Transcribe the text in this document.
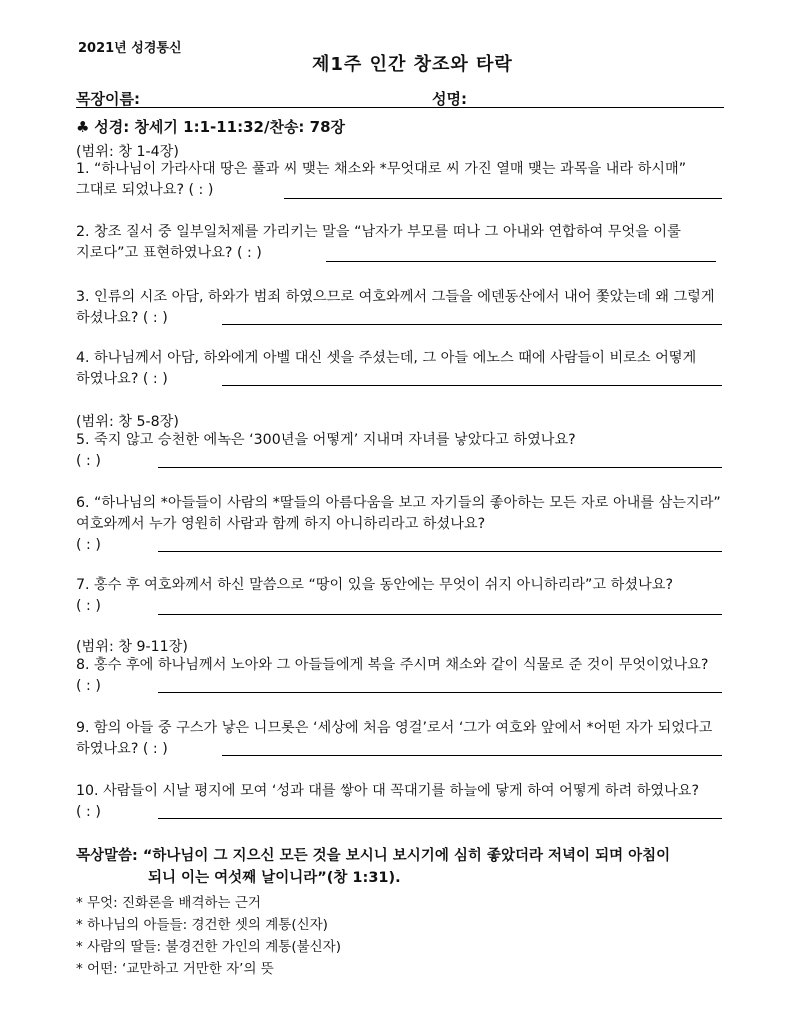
2021년 성경통신
제1주 인간 창조와 타락
목장이름:	성명:
♣ 성경: 창세기 1:1-11:32/찬송: 78장
(범위: 창 1-4장)
1. “하나님이 가라사대 땅은 풀과 씨 맺는 채소와 *무엇대로 씨 가진 열매 맺는 과목을 내라 하시매”
그대로 되었나요? ( : )
2. 창조 질서 중 일부일처제를 가리키는 말을 “남자가 부모를 떠나 그 아내와 연합하여 무엇을 이룰
지로다”고 표현하였나요? ( : )
3. 인류의 시조 아담, 하와가 범죄 하였으므로 여호와께서 그들을 에덴동산에서 내어 쫓았는데 왜 그렇게
하셨나요? ( : )
4. 하나님께서 아담, 하와에게 아벨 대신 셋을 주셨는데, 그 아들 에노스 때에 사람들이 비로소 어떻게
하였나요? ( : )
(범위: 창 5-8장)
5. 죽지 않고 승천한 에녹은 ‘300년을 어떻게’ 지내며 자녀를 낳았다고 하였나요?
( : )
6. “하나님의 *아들들이 사람의 *딸들의 아름다움을 보고 자기들의 좋아하는 모든 자로 아내를 삼는지라”
여호와께서 누가 영원히 사람과 함께 하지 아니하리라고 하셨나요?
( : )
7. 홍수 후 여호와께서 하신 말씀으로 “땅이 있을 동안에는 무엇이 쉬지 아니하리라”고 하셨나요?
( : )
(범위: 창 9-11장)
8. 홍수 후에 하나님께서 노아와 그 아들들에게 복을 주시며 채소와 같이 식물로 준 것이 무엇이었나요?
( : )
9. 함의 아들 중 구스가 낳은 니므롯은 ‘세상에 처음 영걸’로서 ‘그가 여호와 앞에서 *어떤 자가 되었다고
하였나요? ( : )
10. 사람들이 시날 평지에 모여 ‘성과 대를 쌓아 대 꼭대기를 하늘에 닿게 하여 어떻게 하려 하였나요?
( : )
목상말씀: “하나님이 그 지으신 모든 것을 보시니 보시기에 심히 좋았더라 저녁이 되며 아침이
되니 이는 여섯째 날이니라”(창 1:31).
* 무엇: 진화론을 배격하는 근거
* 하나님의 아들들: 경건한 셋의 계통(신자)
* 사람의 딸들: 불경건한 가인의 계통(불신자)
* 어떤: ‘교만하고 거만한 자’의 뜻
